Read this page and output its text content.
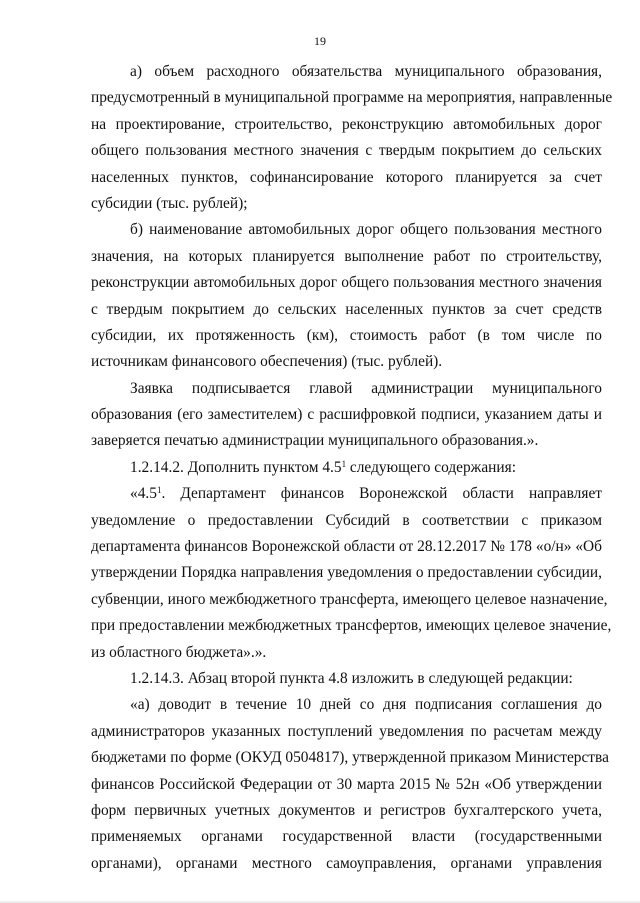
19
а) объем расходного обязательства муниципального образования,
предусмотренный в муниципальной программе на мероприятия, направленные
на проектирование, строительство, реконструкцию автомобильных дорог
общего пользования местного значения с твердым покрытием до сельских
населенных пунктов, софинансирование которого планируется за счет
субсидии (тыс. рублей);
б) наименование автомобильных дорог общего пользования местного
значения, на которых планируется выполнение работ по строительству,
реконструкции автомобильных дорог общего пользования местного значения
с твердым покрытием до сельских населенных пунктов за счет средств
субсидии, их протяженность (км), стоимость работ (в том числе по
источникам финансового обеспечения) (тыс. рублей).
Заявка подписывается главой администрации муниципального
образования (его заместителем) с расшифровкой подписи, указанием даты и
заверяется печатью администрации муниципального образования.».
1.2.14.2. Дополнить пунктом $4.5^1$ следующего содержания:
«$4.5^1$. Департамент финансов Воронежской области направляет
уведомление о предоставлении Субсидий в соответствии с приказом
департамента финансов Воронежской области от 28.12.2017 № 178 «о/н» «Об
утверждении Порядка направления уведомления о предоставлении субсидии,
субвенции, иного межбюджетного трансферта, имеющего целевое назначение,
при предоставлении межбюджетных трансфертов, имеющих целевое значение,
из областного бюджета».».
1.2.14.3. Абзац второй пункта 4.8 изложить в следующей редакции:
«а) доводит в течение 10 дней со дня подписания соглашения до
администраторов указанных поступлений уведомления по расчетам между
бюджетами по форме (ОКУД 0504817), утвержденной приказом Министерства
финансов Российской Федерации от 30 марта 2015 № 52н «Об утверждении
форм первичных учетных документов и регистров бухгалтерского учета,
применяемых органами государственной власти (государственными
органами), органами местного самоуправления, органами управления
